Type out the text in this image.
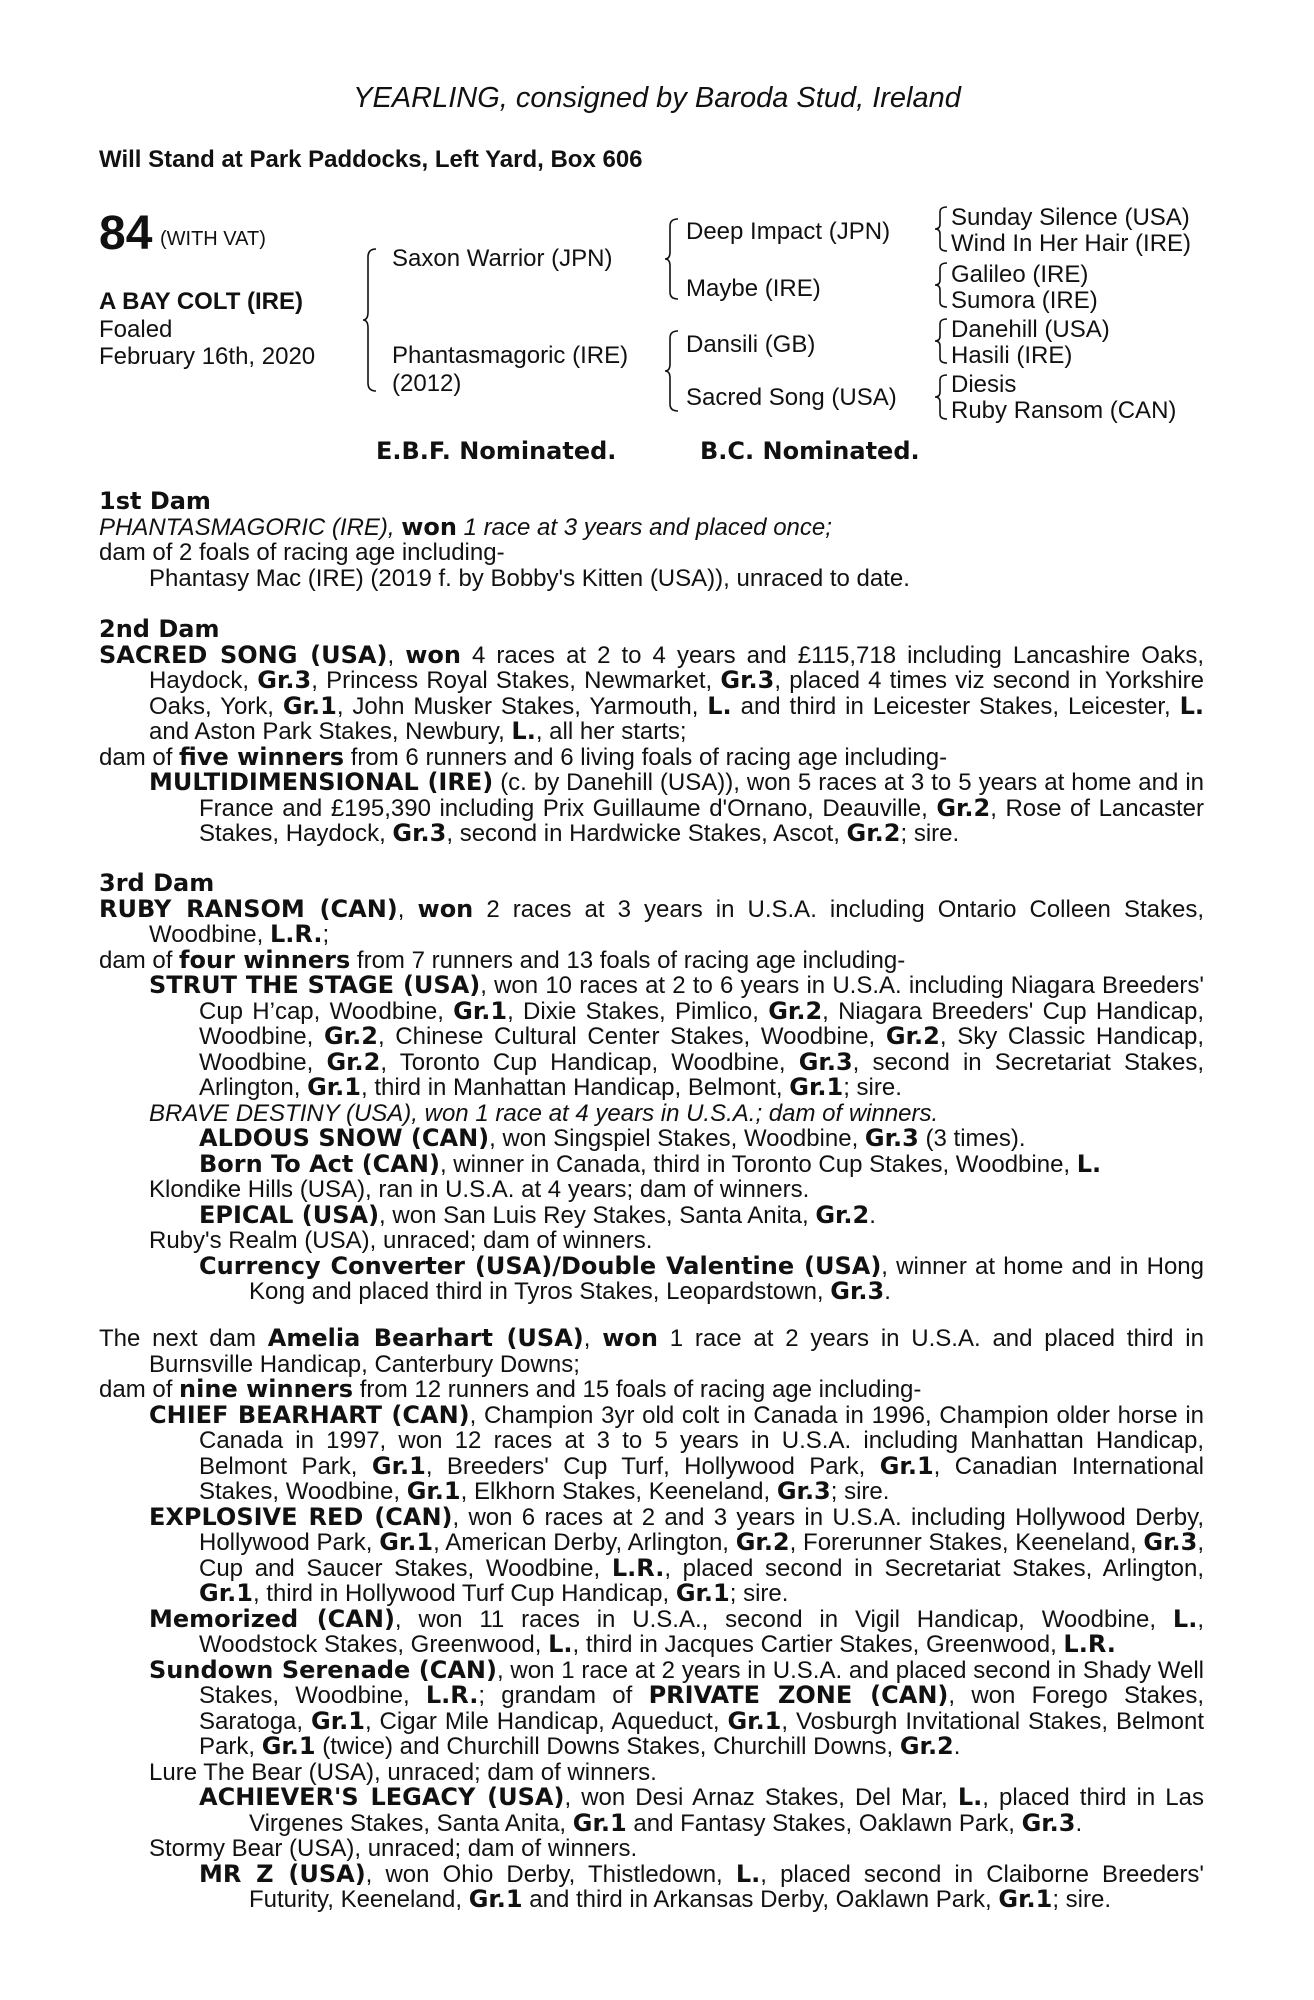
YEARLING, consigned by Baroda Stud, Ireland
Will Stand at Park Paddocks, Left Yard, Box 606
84 (WITH VAT)
A BAY COLT (IRE)
Foaled
February 16th, 2020
Saxon Warrior (JPN)
Phantasmagoric (IRE)
(2012)
Deep Impact (JPN)
Maybe (IRE)
Dansili (GB)
Sacred Song (USA)
Sunday Silence (USA)
Wind In Her Hair (IRE)
Galileo (IRE)
Sumora (IRE)
Danehill (USA)
Hasili (IRE)
Diesis
Ruby Ransom (CAN)
E.B.F. Nominated.	B.C. Nominated.
1st Dam

PHANTASMAGORIC (IRE), won 1 race at 3 years and placed once;

dam of 2 foals of racing age including-

Phantasy Mac (IRE) (2019 f. by Bobby's Kitten (USA)), unraced to date.

2nd Dam

SACRED SONG (USA), won 4 races at 2 to 4 years and £115,718 including Lancashire Oaks, Haydock, Gr.3, Princess Royal Stakes, Newmarket, Gr.3, placed 4 times viz second in Yorkshire Oaks, York, Gr.1, John Musker Stakes, Yarmouth, L. and third in Leicester Stakes, Leicester, L. and Aston Park Stakes, Newbury, L., all her starts;

dam of five winners from 6 runners and 6 living foals of racing age including-

MULTIDIMENSIONAL (IRE) (c. by Danehill (USA)), won 5 races at 3 to 5 years at home and in France and £195,390 including Prix Guillaume d'Ornano, Deauville, Gr.2, Rose of Lancaster Stakes, Haydock, Gr.3, second in Hardwicke Stakes, Ascot, Gr.2; sire.

3rd Dam

RUBY RANSOM (CAN), won 2 races at 3 years in U.S.A. including Ontario Colleen Stakes, Woodbine, L.R.;

dam of four winners from 7 runners and 13 foals of racing age including-

STRUT THE STAGE (USA), won 10 races at 2 to 6 years in U.S.A. including Niagara Breeders' Cup H’cap, Woodbine, Gr.1, Dixie Stakes, Pimlico, Gr.2, Niagara Breeders' Cup Handicap, Woodbine, Gr.2, Chinese Cultural Center Stakes, Woodbine, Gr.2, Sky Classic Handicap, Woodbine, Gr.2, Toronto Cup Handicap, Woodbine, Gr.3, second in Secretariat Stakes, Arlington, Gr.1, third in Manhattan Handicap, Belmont, Gr.1; sire.

BRAVE DESTINY (USA), won 1 race at 4 years in U.S.A.; dam of winners.

ALDOUS SNOW (CAN), won Singspiel Stakes, Woodbine, Gr.3 (3 times).

Born To Act (CAN), winner in Canada, third in Toronto Cup Stakes, Woodbine, L.

Klondike Hills (USA), ran in U.S.A. at 4 years; dam of winners.

EPICAL (USA), won San Luis Rey Stakes, Santa Anita, Gr.2.

Ruby's Realm (USA), unraced; dam of winners.

Currency Converter (USA)/Double Valentine (USA), winner at home and in Hong Kong and placed third in Tyros Stakes, Leopardstown, Gr.3.

The next dam Amelia Bearhart (USA), won 1 race at 2 years in U.S.A. and placed third in Burnsville Handicap, Canterbury Downs;

dam of nine winners from 12 runners and 15 foals of racing age including-

CHIEF BEARHART (CAN), Champion 3yr old colt in Canada in 1996, Champion older horse in Canada in 1997, won 12 races at 3 to 5 years in U.S.A. including Manhattan Handicap, Belmont Park, Gr.1, Breeders' Cup Turf, Hollywood Park, Gr.1, Canadian International Stakes, Woodbine, Gr.1, Elkhorn Stakes, Keeneland, Gr.3; sire.

EXPLOSIVE RED (CAN), won 6 races at 2 and 3 years in U.S.A. including Hollywood Derby, Hollywood Park, Gr.1, American Derby, Arlington, Gr.2, Forerunner Stakes, Keeneland, Gr.3, Cup and Saucer Stakes, Woodbine, L.R., placed second in Secretariat Stakes, Arlington, Gr.1, third in Hollywood Turf Cup Handicap, Gr.1; sire.

Memorized (CAN), won 11 races in U.S.A., second in Vigil Handicap, Woodbine, L., Woodstock Stakes, Greenwood, L., third in Jacques Cartier Stakes, Greenwood, L.R.

Sundown Serenade (CAN), won 1 race at 2 years in U.S.A. and placed second in Shady Well Stakes, Woodbine, L.R.; grandam of PRIVATE ZONE (CAN), won Forego Stakes, Saratoga, Gr.1, Cigar Mile Handicap, Aqueduct, Gr.1, Vosburgh Invitational Stakes, Belmont Park, Gr.1 (twice) and Churchill Downs Stakes, Churchill Downs, Gr.2.

Lure The Bear (USA), unraced; dam of winners.

ACHIEVER'S LEGACY (USA), won Desi Arnaz Stakes, Del Mar, L., placed third in Las Virgenes Stakes, Santa Anita, Gr.1 and Fantasy Stakes, Oaklawn Park, Gr.3.

Stormy Bear (USA), unraced; dam of winners.

MR Z (USA), won Ohio Derby, Thistledown, L., placed second in Claiborne Breeders' Futurity, Keeneland, Gr.1 and third in Arkansas Derby, Oaklawn Park, Gr.1; sire.
